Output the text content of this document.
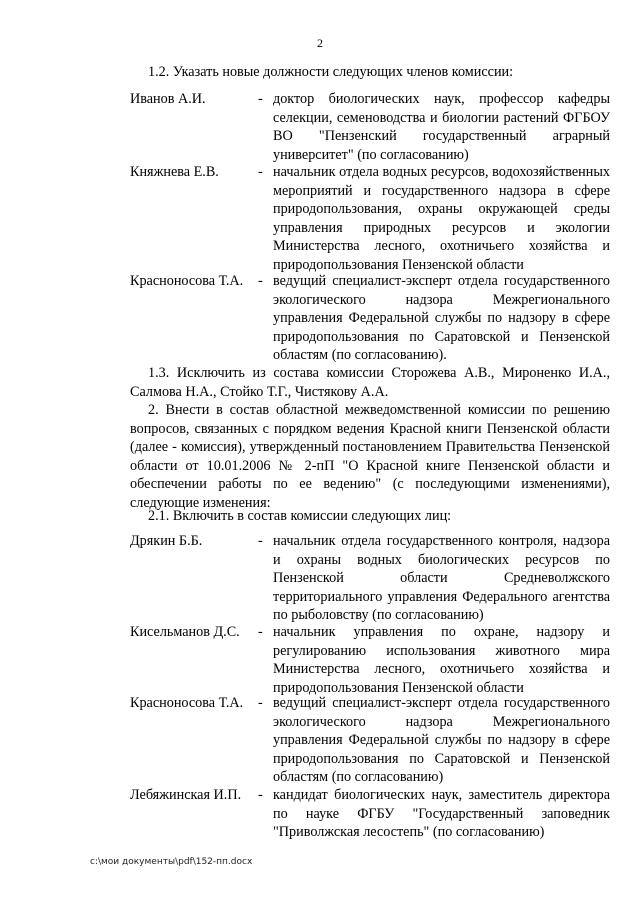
2

1.2. Указать новые должности следующих членов комиссии:

Иванов А.И.	- доктор биологических наук, профессор кафедры селекции, семеноводства и биологии растений ФГБОУ ВО "Пензенский государственный аграрный университет" (по согласованию)
Княжнева Е.В.	- начальник отдела водных ресурсов, водохозяйственных мероприятий и государственного надзора в сфере природопользования, охраны окружающей среды управления природных ресурсов и экологии Министерства лесного, охотничьего хозяйства и природопользования Пензенской области
Красноносова Т.А.	- ведущий специалист-эксперт отдела государственного экологического надзора Межрегионального управления Федеральной службы по надзору в сфере природопользования по Саратовской и Пензенской областям (по согласованию).

1.3. Исключить из состава комиссии Сторожева А.В., Мироненко И.А., Салмова Н.А., Стойко Т.Г., Чистякову А.А.

2. Внести в состав областной межведомственной комиссии по решению вопросов, связанных с порядком ведения Красной книги Пензенской области (далее - комиссия), утвержденный постановлением Правительства Пензенской области от 10.01.2006 № 2-пП "О Красной книге Пензенской области и обеспечении работы по ее ведению" (с последующими изменениями), следующие изменения:

2.1. Включить в состав комиссии следующих лиц:

Дрякин Б.Б.	- начальник отдела государственного контроля, надзора и охраны водных биологических ресурсов по Пензенской области Средневолжского территориального управления Федерального агентства по рыболовству (по согласованию)
Кисельманов Д.С.	- начальник управления по охране, надзору и регулированию использования животного мира Министерства лесного, охотничьего хозяйства и природопользования Пензенской области
Красноносова Т.А.	- ведущий специалист-эксперт отдела государственного экологического надзора Межрегионального управления Федеральной службы по надзору в сфере природопользования по Саратовской и Пензенской областям (по согласованию)
Лебяжинская И.П.	- кандидат биологических наук, заместитель директора по науке ФГБУ "Государственный заповедник "Приволжская лесостепь" (по согласованию)
c:\мои документы\pdf\152-пп.docx
